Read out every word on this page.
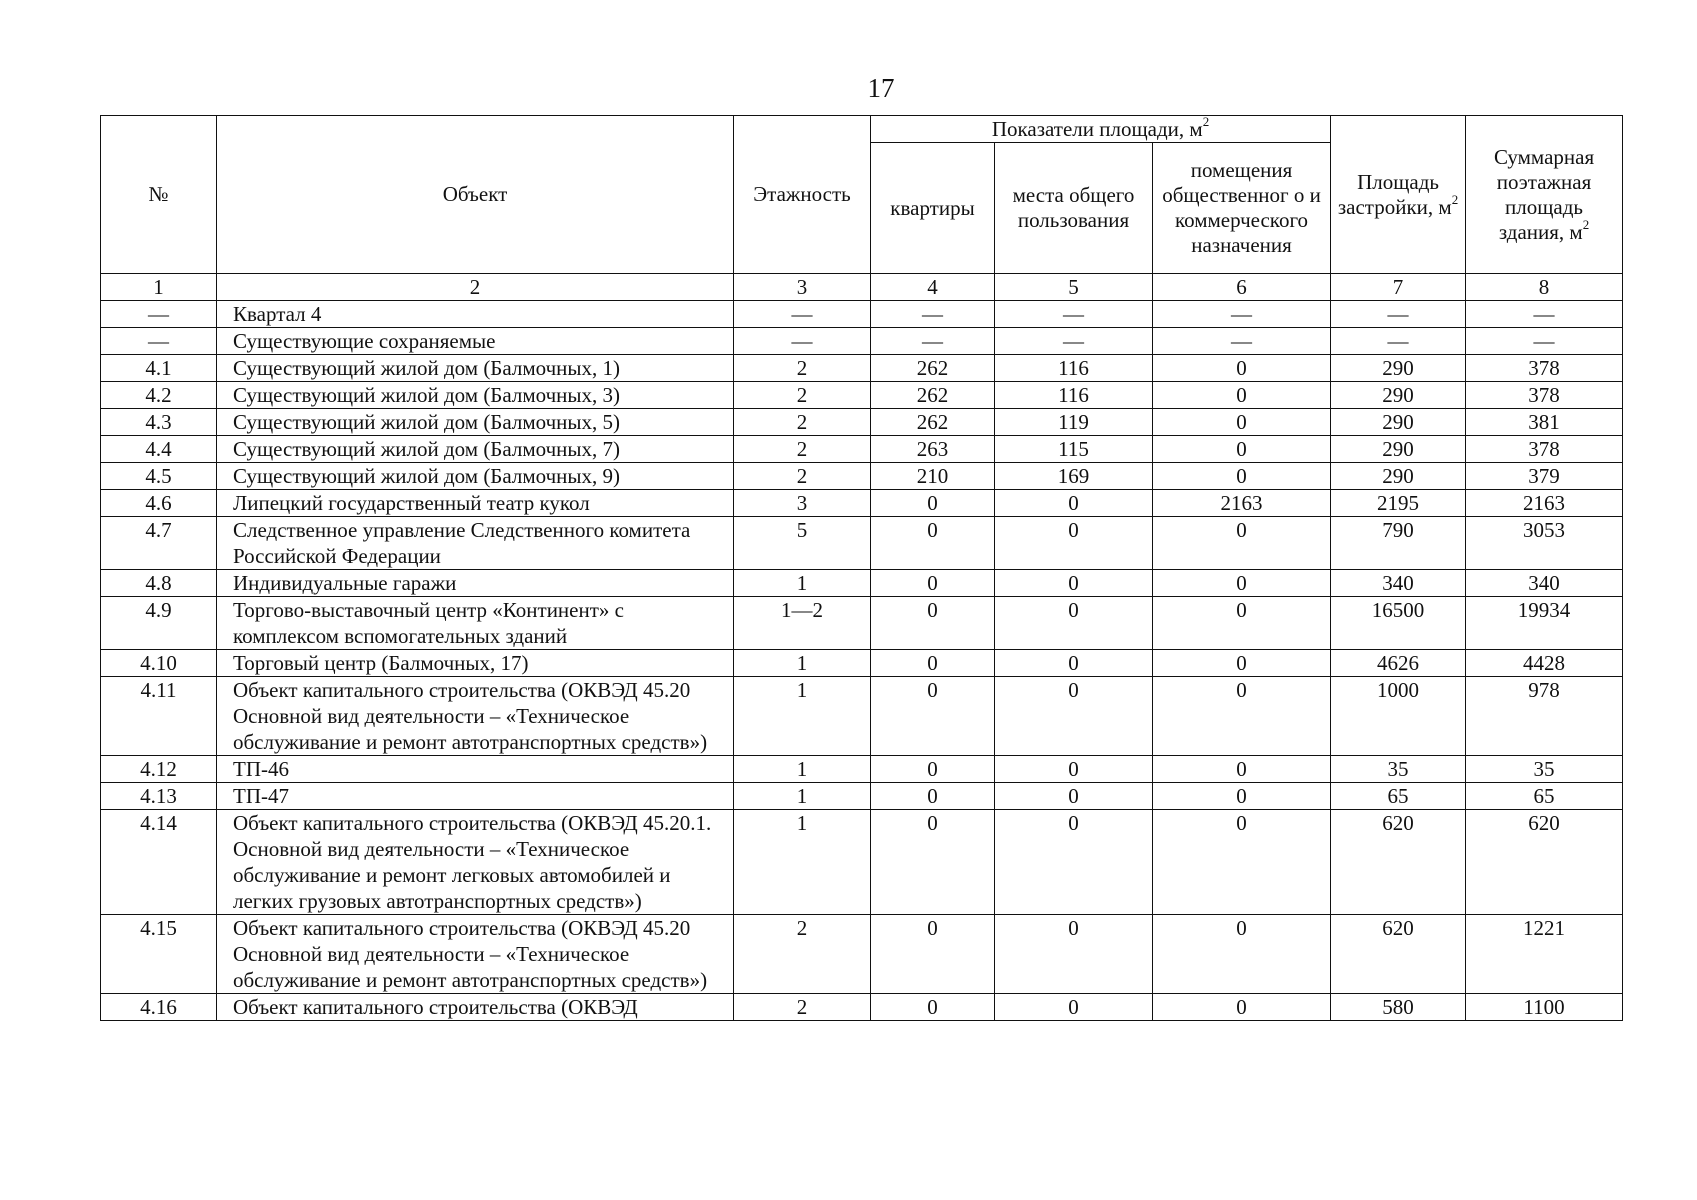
17
№	Объект	Этажность	Показатели площади, $м^2$			Площадь застройки, $м^2$	Суммарная поэтажная площадь здания, $м^2$
			квартиры	места общего пользования	помещения общественног о и коммерческого назначения		
1	2	3	4	5	6	7	8
—	Квартал 4	—	—	—	—	—	—
—	Существующие сохраняемые	—	—	—	—	—	—
4.1	Существующий жилой дом (Балмочных, 1)	2	262	116	0	290	378
4.2	Существующий жилой дом (Балмочных, 3)	2	262	116	0	290	378
4.3	Существующий жилой дом (Балмочных, 5)	2	262	119	0	290	381
4.4	Существующий жилой дом (Балмочных, 7)	2	263	115	0	290	378
4.5	Существующий жилой дом (Балмочных, 9)	2	210	169	0	290	379
4.6	Липецкий государственный театр кукол	3	0	0	2163	2195	2163
4.7	Следственное управление Следственного комитета Российской Федерации	5	0	0	0	790	3053
4.8	Индивидуальные гаражи	1	0	0	0	340	340
4.9	Торгово-выставочный центр «Континент» с комплексом вспомогательных зданий	1—2	0	0	0	16500	19934
4.10	Торговый центр (Балмочных, 17)	1	0	0	0	4626	4428
4.11	Объект капитального строительства (ОКВЭД 45.20 Основной вид деятельности – «Техническое обслуживание и ремонт автотранспортных средств»)	1	0	0	0	1000	978
4.12	ТП-46	1	0	0	0	35	35
4.13	ТП-47	1	0	0	0	65	65
4.14	Объект капитального строительства (ОКВЭД 45.20.1. Основной вид деятельности – «Техническое обслуживание и ремонт легковых автомобилей и легких грузовых автотранспортных средств»)	1	0	0	0	620	620
4.15	Объект капитального строительства (ОКВЭД 45.20 Основной вид деятельности – «Техническое обслуживание и ремонт автотранспортных средств»)	2	0	0	0	620	1221
4.16	Объект капитального строительства (ОКВЭД	2	0	0	0	580	1100
